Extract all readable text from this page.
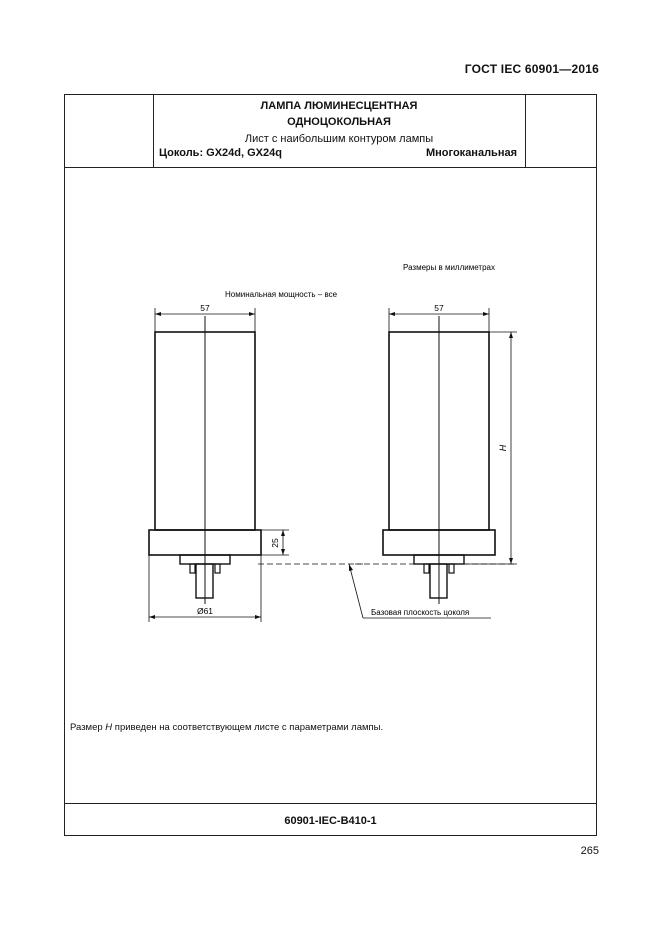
ГОСТ IEC 60901—2016
ЛАМПА ЛЮМИНЕСЦЕНТНАЯ
ОДНОЦОКОЛЬНАЯ
Лист с наибольшим контуром лампы
Цоколь: GX24d, GX24q	Многоканальная
Размеры в миллиметрах
Номинальная мощность – все
57
25
Ø61
57
H
Базовая плоскость цоколя
Размер H приведен на соответствующем листе с параметрами лампы.
60901-IEC-B410-1
265
